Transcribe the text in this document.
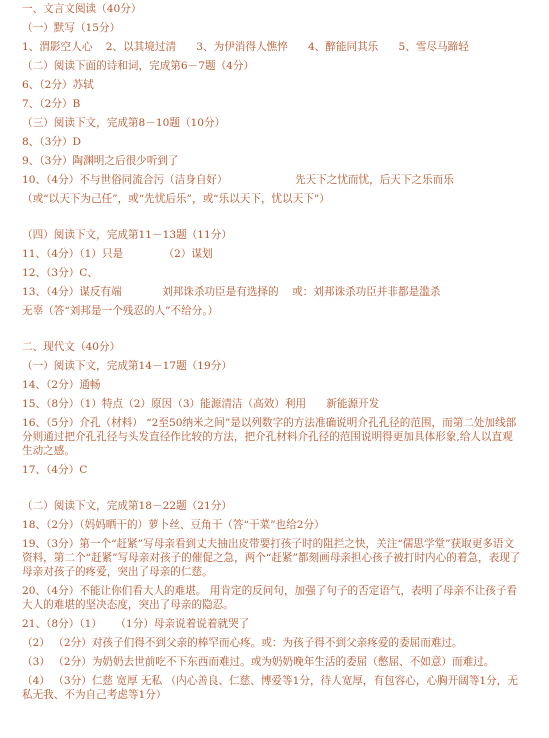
一、文言文阅读（40分）
（一）默写（15分）
1、渭影空人心    2、以其境过清      3、为伊消得人憔悴      4、醉能同其乐      5、雪尽马蹄轻
（二）阅读下面的诗和词，完成第6－7题（4分）
6、（2分）苏轼
7、（2分）B
（三）阅读下文，完成第8－10题（10分）
8、（3分）D
9、（3分）陶渊明之后很少听到了
10、（4分）不与世俗同流合污（洁身自好）                    先天下之忧而忧，后天下之乐而乐
（或“以天下为己任”，或“先忧后乐”，或“乐以天下，忧以天下”）
（四）阅读下文，完成第11－13题（11分）
11、（4分）（1）只是            （2）谋划
12、（3分）C、
13、（4分）谋反有端            刘邦诛杀功臣是有选择的    或：刘邦诛杀功臣并非都是滥杀
无辜（答“刘邦是一个残忍的人”不给分。）
二、现代文（40分）
（一）阅读下文，完成第14－17题（19分）
14、（2分）通畅
15、（8分）（1）特点（2）原因（3）能源清洁（高效）利用      新能源开发
16、（5分）介孔（材料） “2至50纳米之间”是以列数字的方法准确说明介孔孔径的范围，而第二处加线部分则通过把介孔孔径与头发直径作比较的方法，把介孔材料介孔径的范围说明得更加具体形象,给人以直观生动之感。
17、（4分）C
（二）阅读下文，完成第18－22题（21分）
18、（2分）（妈妈晒干的）萝卜丝、豆角干（答“干菜”也给2分）
19、（3分）第一个“赶紧”写母亲看到丈夫抽出皮带要打孩子时的阻拦之快，关注“儒思学堂”获取更多语文资料，第二个“赶紧”写母亲对孩子的催促之急，两个“赶紧”都刻画母亲担心孩子被打时内心的着急，表现了母亲对孩子的疼爱，突出了母亲的仁慈。
20、（4分）不能让你们看大人的难堪。 用肯定的反问句，加强了句子的否定语气，表明了母亲不让孩子看大人的难堪的坚决态度，突出了母亲的隐忍。
21、（8分）（1）    （1分）母亲说着说着就哭了
（2） （2分）对孩子们得不到父亲的棒罕而心疼。或：为孩子得不到父亲疼爱的委屈而难过。
（3） （2分）为奶奶去世前吃不下东西而难过。或为奶奶晚年生活的委屈（憋屈、不如意）而难过。
（4） （3分）仁慈 宽厚 无私 （内心善良、仁慈、博爱等1分，待人宽厚，有包容心，心胸开阔等1分，无私无我、不为自己考虑等1分）
